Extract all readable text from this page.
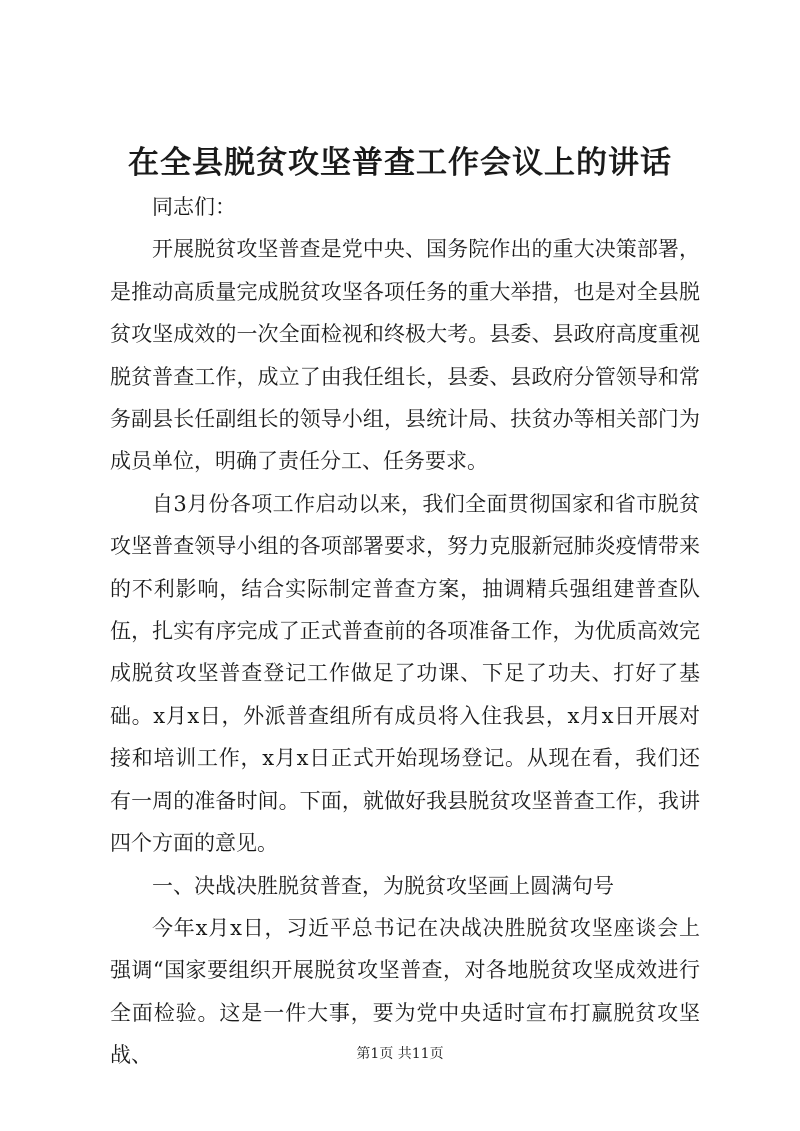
在全县脱贫攻坚普查工作会议上的讲话

同志们：

开展脱贫攻坚普查是党中央、国务院作出的重大决策部署，是推动高质量完成脱贫攻坚各项任务的重大举措，也是对全县脱贫攻坚成效的一次全面检视和终极大考。县委、县政府高度重视脱贫普查工作，成立了由我任组长，县委、县政府分管领导和常务副县长任副组长的领导小组，县统计局、扶贫办等相关部门为成员单位，明确了责任分工、任务要求。

自3月份各项工作启动以来，我们全面贯彻国家和省市脱贫攻坚普查领导小组的各项部署要求，努力克服新冠肺炎疫情带来的不利影响，结合实际制定普查方案，抽调精兵强组建普查队伍，扎实有序完成了正式普查前的各项准备工作，为优质高效完成脱贫攻坚普查登记工作做足了功课、下足了功夫、打好了基础。x月x日，外派普查组所有成员将入住我县，x月x日开展对接和培训工作，x月x日正式开始现场登记。从现在看，我们还有一周的准备时间。下面，就做好我县脱贫攻坚普查工作，我讲四个方面的意见。

一、决战决胜脱贫普查，为脱贫攻坚画上圆满句号

今年x月x日，习近平总书记在决战决胜脱贫攻坚座谈会上强调“国家要组织开展脱贫攻坚普查，对各地脱贫攻坚成效进行全面检验。这是一件大事，要为党中央适时宣布打赢脱贫攻坚战、	第1页 共11页
